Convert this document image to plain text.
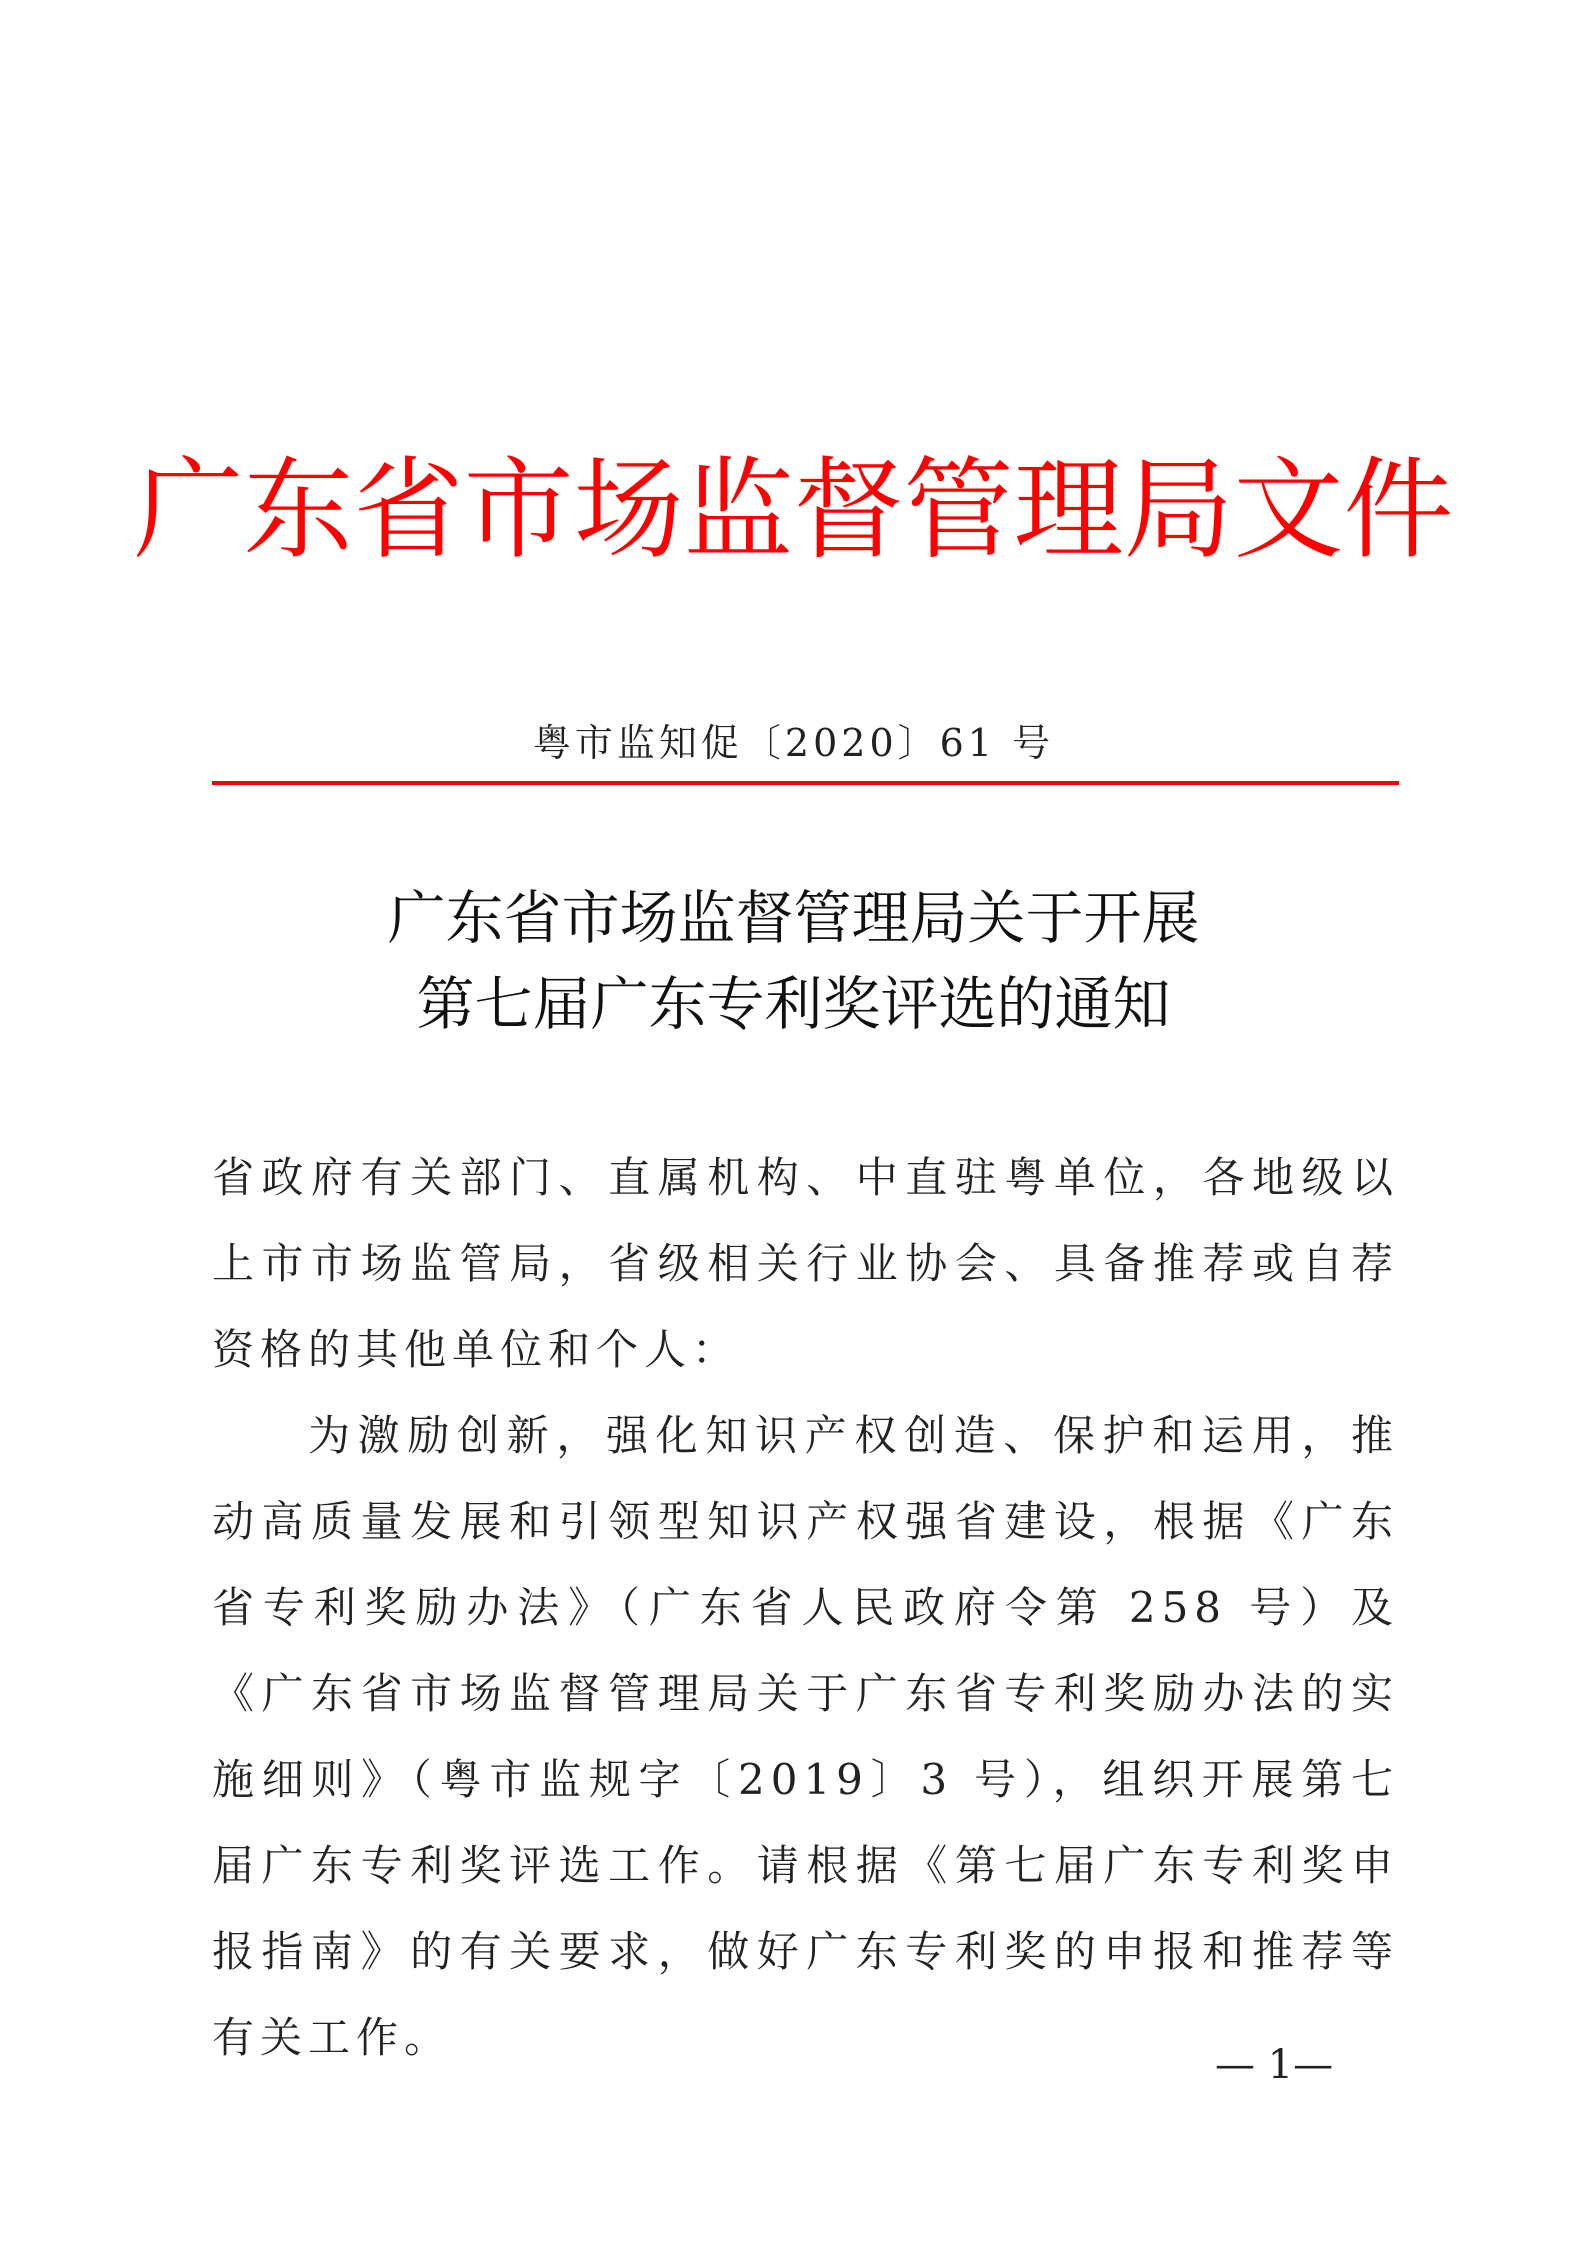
广东省市场监督管理局文件
粤市监知促〔2020〕61 号
广东省市场监督管理局关于开展
第七届广东专利奖评选的通知

省政府有关部门、直属机构、中直驻粤单位，各地级以上市市场监管局，省级相关行业协会、具备推荐或自荐资格的其他单位和个人：

为激励创新，强化知识产权创造、保护和运用，推动高质量发展和引领型知识产权强省建设，根据《广东省专利奖励办法》（广东省人民政府令第 258 号）及《广东省市场监督管理局关于广东省专利奖励办法的实施细则》（粤市监规字〔2019〕3 号），组织开展第七届广东专利奖评选工作。请根据《第七届广东专利奖申报指南》的有关要求，做好广东专利奖的申报和推荐等有关工作。

— 1—
